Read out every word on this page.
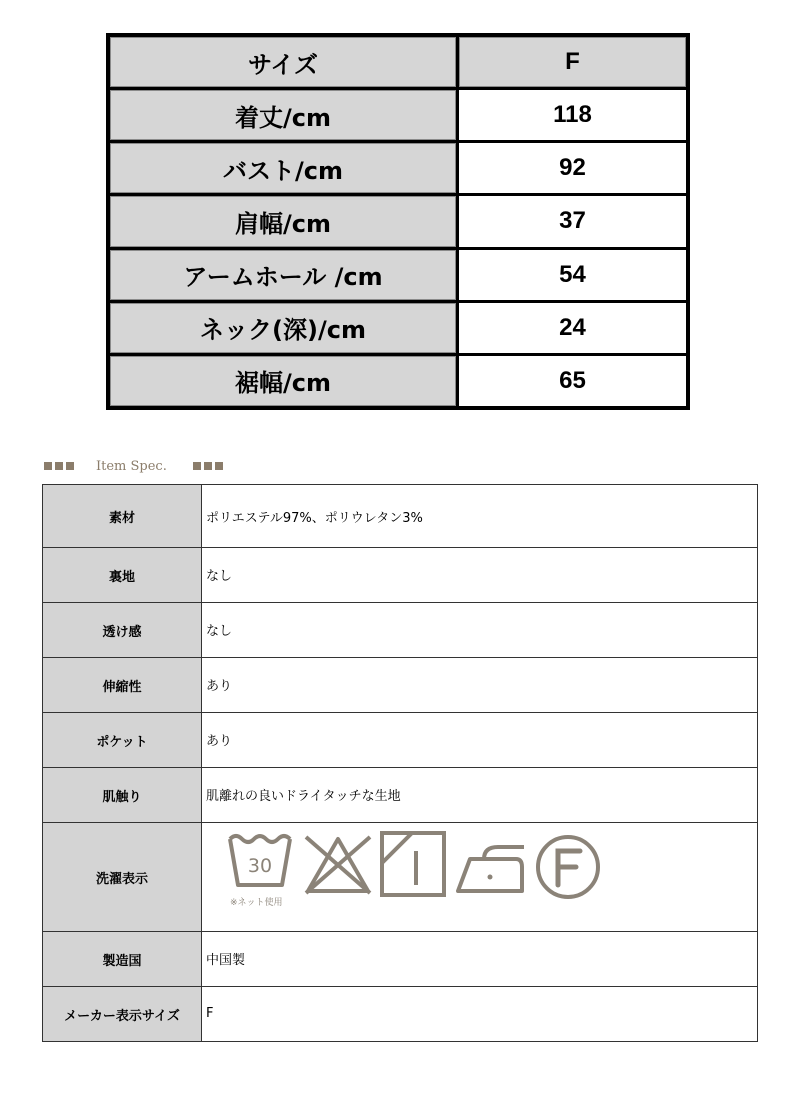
サイズ	F
着丈/cm	118
バスト/cm	92
肩幅/cm	37
アームホール /cm	54
ネック(深)/cm	24
裾幅/cm	65
Item Spec.
素材	ポリエステル97%、ポリウレタン3%
裏地	なし
透け感	なし
伸縮性	あり
ポケット	あり
肌触り	肌離れの良いドライタッチな生地
洗濯表示	30
※ネット使用

製造国	中国製
メーカー表示サイズ	F
